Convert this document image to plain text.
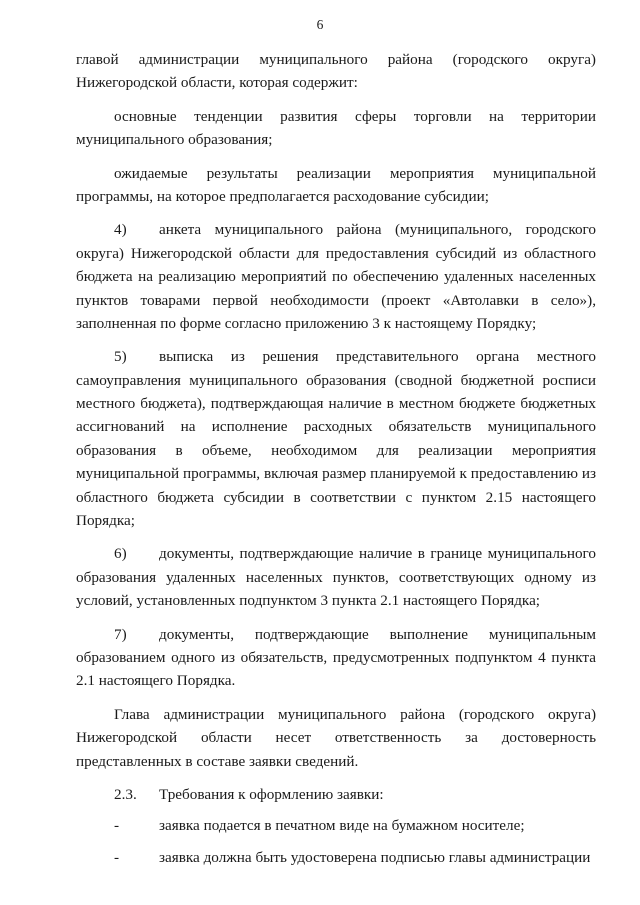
6
главой администрации муниципального района (городского округа)
Нижегородской области, которая содержит:
основные тенденции развития сферы торговли на территории
муниципального образования;
ожидаемые результаты реализации мероприятия муниципальной
программы, на которое предполагается расходование субсидии;
4)	анкета муниципального района (муниципального, городского
округа) Нижегородской области для предоставления субсидий из областного
бюджета на реализацию мероприятий по обеспечению удаленных населенных
пунктов товарами первой необходимости (проект «Автолавки в село»),
заполненная по форме согласно приложению 3 к настоящему Порядку;
5)	выписка из решения представительного органа местного
самоуправления муниципального образования (сводной бюджетной росписи
местного бюджета), подтверждающая наличие в местном бюджете бюджетных
ассигнований на исполнение расходных обязательств муниципального
образования в объеме, необходимом для реализации мероприятия
муниципальной программы, включая размер планируемой к предоставлению из
областного бюджета субсидии в соответствии с пунктом 2.15 настоящего
Порядка;
6)	документы, подтверждающие наличие в границе муниципального
образования удаленных населенных пунктов, соответствующих одному из
условий, установленных подпунктом 3 пункта 2.1 настоящего Порядка;
7)	документы, подтверждающие выполнение муниципальным
образованием одного из обязательств, предусмотренных подпунктом 4 пункта
2.1 настоящего Порядка.
Глава администрации муниципального района (городского округа)
Нижегородской области несет ответственность за достоверность
представленных в составе заявки сведений.
2.3.	Требования к оформлению заявки:
-	заявка подается в печатном виде на бумажном носителе;
-	заявка должна быть удостоверена подписью главы администрации
